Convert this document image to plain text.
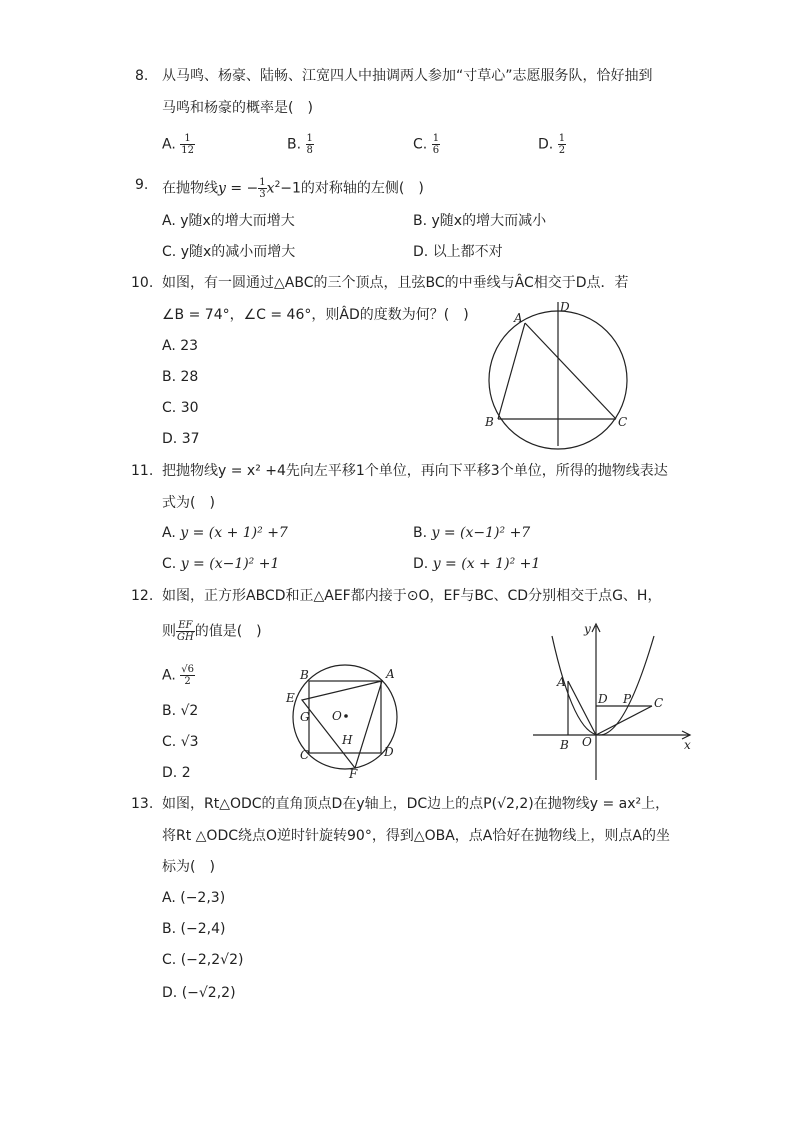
8. 从马鸣、杨豪、陆畅、江宽四人中抽调两人参加“寸草心”志愿服务队，恰好抽到
马鸣和杨豪的概率是(　)
A. $\frac{1}{12}$	B. $\frac{1}{8}$	C. $\frac{1}{6}$	D. $\frac{1}{2}$
9. 在抛物线y = − $\frac{1}{3} x^2-1$的对称轴的左侧(　)
A. y随x的增大而增大	B. y随x的增大而减小
C. y随x的减小而增大	D. 以上都不对
10. 如图，有一圆通过△ABC的三个顶点，且弦BC的中垂线与ÂC相交于D点．若
∠B = 74°，∠C = 46°，则ÂD的度数为何？(　)
A. 23
B. 28
C. 30
D. 37
A
B	C
D
11. 把抛物线y = x² +4先向左平移1个单位，再向下平移3个单位，所得的抛物线表达
式为(　)
A. y = (x + 1)² +7	B. y = (x−1)² +7
C. y = (x−1)² +1	D. y = (x + 1)² +1
12. 如图，正方形ABCD和正△AEF都内接于⊙O，EF与BC、CD分别相交于点G、H，
则 $\frac{EF}{GH}$ 的值是(　)
A. $\frac{√6}{2}$
B. √2
C. √3
D. 2
B	A
E
G O
H
C	D
F
y
x
A
B O
D P C
13. 如图，Rt△ODC的直角顶点D在y轴上，DC边上的点P(√2,2)在抛物线y = ax²上，
将Rt △ODC绕点O逆时针旋转90°，得到△OBA，点A恰好在抛物线上，则点A的坐
标为(　)
A. (−2,3)
B. (−2,4)
C. (−2,2√2)
D. (−√2,2)
